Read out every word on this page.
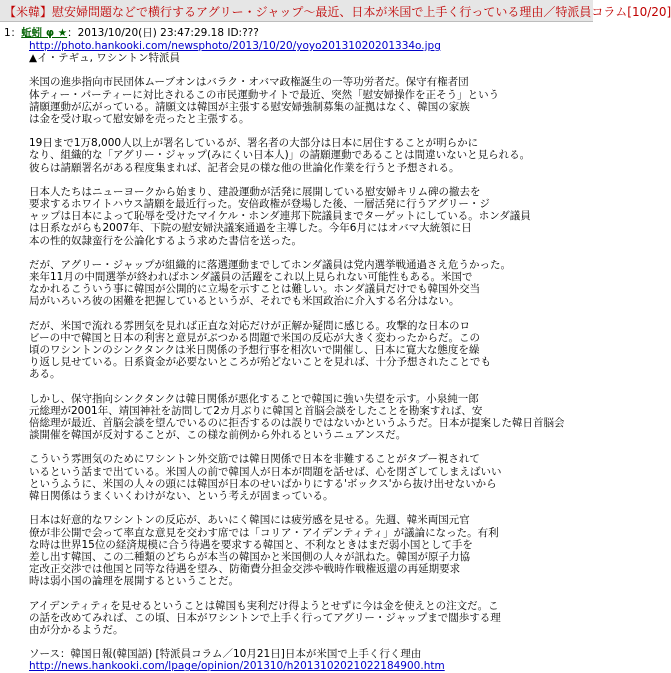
【米韓】慰安婦問題などで横行するアグリー・ジャップ〜最近、日本が米国で上手く行っている理由／特派員コラム[10/20]
1：蚯蚓 φ ★：2013/10/20(日) 23:47:29.18 ID:???
http://photo.hankooki.com/newsphoto/2013/10/20/yoyo20131020201334o.jpg
▲イ・テギュ, ワシントン特派員
米国の進歩指向市民団体ムーブオンはバラク・オバマ政権誕生の一等功労者だ。保守有権者団
体ティー・パーティーに対比されるこの市民運動サイトで最近、突然「慰安婦操作を正そう」という
請願運動が広がっている。請願文は韓国が主張する慰安婦強制募集の証拠はなく、韓国の家族
は金を受け取って慰安婦を売ったと主張する。
19日まで1万8,000人以上が署名しているが、署名者の大部分は日本に居住することが明らかに
なり、組織的な「アグリー・ジャップ(みにくい日本人)」の請願運動であることは間違いないと見られる。
彼らは請願署名がある程度集まれば、記者会見の様な他の世論化作業を行うと予想される。
日本人たちはニューヨークから始まり、建設運動が活発に展開している慰安婦キリム碑の撤去を
要求するホワイトハウス請願を最近行った。安倍政権が登場した後、一層活発に行うアグリー・ジ
ャップは日本によって恥辱を受けたマイケル・ホンダ連邦下院議員までターゲットにしている。ホンダ議員
は日系ながらも2007年、下院の慰安婦決議案通過を主導した。今年6月にはオバマ大統領に日
本の性的奴隷蛮行を公論化するよう求めた書信を送った。
だが、アグリー・ジャップが組織的に落選運動までしてホンダ議員は党内選挙戦通過さえ危うかった。
来年11月の中間選挙が終わればホンダ議員の活躍をこれ以上見られない可能性もある。米国で
なかれるこういう事に韓国が公開的に立場を示すことは難しい。ホンダ議員だけでも韓国外交当
局がいろいろ彼の困難を把握しているというが、それでも米国政治に介入する名分はない。
だが、米国で流れる雰囲気を見れば正直な対応だけが正解か疑問に感じる。攻撃的な日本のロ
ビーの中で韓国と日本の利害と意見がぶつかる問題で米国の反応が大きく変わったからだ。この
頃のワシントンのシンクタンクは米日関係の予想行事を相次いで開催し、日本に寛大な態度を繰
り返し見せている。日系資金が必要ないところが殆どないことを見れば、十分予想されたことでも
ある。
しかし、保守指向シンクタンクは韓日関係が悪化することで韓国に強い失望を示す。小泉純一郎
元総理が2001年、靖国神社を訪問して2カ月ぶりに韓国と首脳会談をしたことを勘案すれば、安
倍総理が最近、首脳会談を望んでいるのに拒否するのは誤りではないかというふうだ。日本が提案した韓日首脳会
談開催を韓国が反対することが、この様な前例から外れるというニュアンスだ。
こういう雰囲気のためにワシントン外交筋では韓日関係で日本を非難することがタブー視されて
いるという話まで出ている。米国人の前で韓国人が日本が問題を話せば、心を閉ざしてしまえばいい
というふうに、米国の人々の頭には韓国が日本のせいばかりにする'ボックス'から抜け出せないから
韓日関係はうまくいくわけがない、という考えが固まっている。
日本は好意的なワシントンの反応が、あいにく韓国には疲労感を見せる。先週、韓米両国元官
僚が非公開で会って率直な意見を交わす席では「コリア・アイデンティティ」が議論になった。有利
な時は世界15位の経済規模に合う待遇を要求する韓国と、不利なときはまだ弱小国として手を
差し出す韓国、この二種類のどちらが本当の韓国かと米国側の人々が訊ねた。韓国が原子力協
定改正交渉では他国と同等な待遇を望み、防衛費分担金交渉や戦時作戦権返還の再延期要求
時は弱小国の論理を展開するということだ。
アイデンティティを見せるということは韓国も実利だけ得ようとせずに今は金を使えとの注文だ。こ
の話を改めてみれば、この頃、日本がワシントンで上手く行ってアグリー・ジャップまで闊歩する理
由が分かるようだ。
ソース：韓国日報(韓国語) [特派員コラム／10月21日]日本が米国で上手く行く理由
http://news.hankooki.com/lpage/opinion/201310/h2013102021022184900.htm
